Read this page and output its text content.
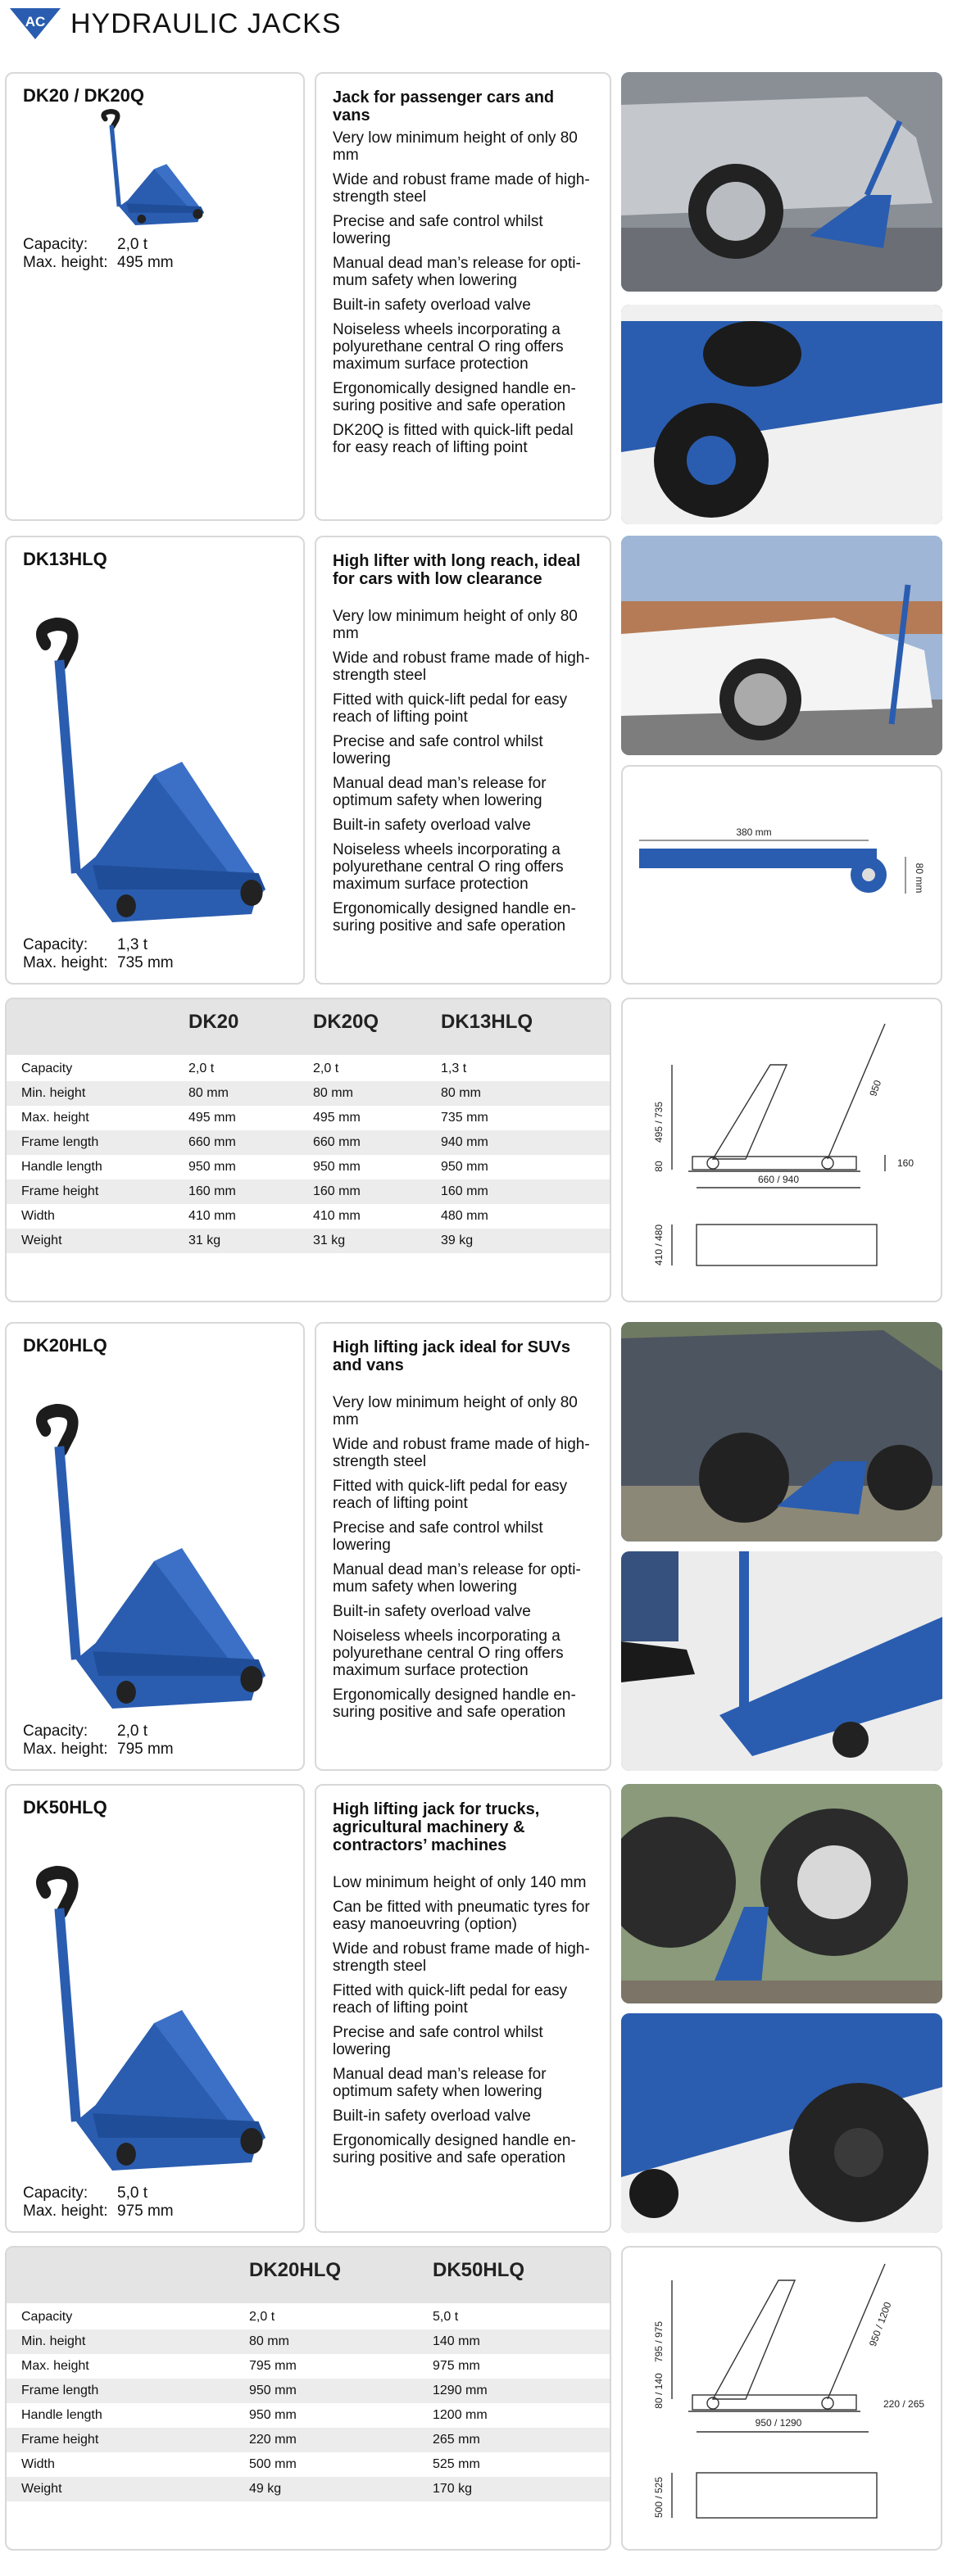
AC HYDRAULIC JACKS
DK20 / DK20Q
Capacity:	2,0 t
Max. height: 495 mm
Jack for passenger cars and vans
Very low minimum height of only 80 mm
Wide and robust frame made of high-strength steel
Precise and safe control whilst lowering
Manual dead man’s release for opti-mum safety when lowering
Built-in safety overload valve
Noiseless wheels incorporating a polyurethane central O ring offers maximum surface protection
Ergonomically designed handle en-suring positive and safe operation
DK20Q is fitted with quick-lift pedal for easy reach of lifting point
DK13HLQ
Capacity:	1,3 t
Max. height: 735 mm
High lifter with long reach, ideal for cars with low clearance
Very low minimum height of only 80 mm
Wide and robust frame made of high-strength steel
Fitted with quick-lift pedal for easy reach of lifting point
Precise and safe control whilst lowering
Manual dead man’s release for optimum safety when lowering
Built-in safety overload valve
Noiseless wheels incorporating a polyurethane central O ring offers maximum surface protection
Ergonomically designed handle en-suring positive and safe operation
380 mm
80 mm
DK20	DK20Q	DK13HLQ
Capacity	2,0 t	2,0 t	1,3 t
Min. height	80 mm	80 mm	80 mm
Max. height	495 mm	495 mm	735 mm
Frame length	660 mm	660 mm	940 mm
Handle length	950 mm	950 mm	950 mm
Frame height	160 mm	160 mm	160 mm
Width	410 mm	410 mm	480 mm
Weight	31 kg	31 kg	39 kg
495 / 735
80
950
160
660 / 940
410 / 480
DK20HLQ
Capacity:	2,0 t
Max. height: 795 mm
High lifting jack ideal for SUVs and vans
Very low minimum height of only 80 mm
Wide and robust frame made of high-strength steel
Fitted with quick-lift pedal for easy reach of lifting point
Precise and safe control whilst lowering
Manual dead man’s release for opti-mum safety when lowering
Built-in safety overload valve
Noiseless wheels incorporating a polyurethane central O ring offers maximum surface protection
Ergonomically designed handle en-suring positive and safe operation
DK50HLQ
Capacity:	5,0 t
Max. height: 975 mm
High lifting jack for trucks, agricultural machinery & contractors’ machines
Low minimum height of only 140 mm
Can be fitted with pneumatic tyres for easy manoeuvring (option)
Wide and robust frame made of high-strength steel
Fitted with quick-lift pedal for easy reach of lifting point
Precise and safe control whilst lowering
Manual dead man’s release for optimum safety when lowering
Built-in safety overload valve
Ergonomically designed handle en-suring positive and safe operation
DK20HLQ	DK50HLQ
Capacity	2,0 t	5,0 t
Min. height	80 mm	140 mm
Max. height	795 mm	975 mm
Frame length	950 mm	1290 mm
Handle length	950 mm	1200 mm
Frame height	220 mm	265 mm
Width	500 mm	525 mm
Weight	49 kg	170 kg
795 / 975
80 / 140
950 / 1200
220 / 265
950 / 1290
500 / 525
